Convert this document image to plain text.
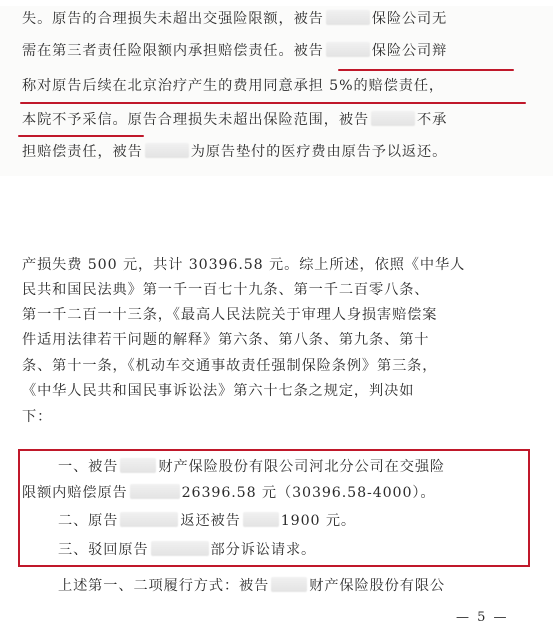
失。原告的合理损失未超出交强险限额，被告	保险公司无
需在第三者责任险限额内承担赔偿责任。被告	保险公司辩
称对原告后续在北京治疗产生的费用同意承担 5%的赔偿责任，
本院不予采信。原告合理损失未超出保险范围，被告	不承
担赔偿责任，被告	为原告垫付的医疗费由原告予以返还。
产损失费 500 元，共计 30396.58 元。综上所述，依照《中华人
民共和国民法典》第一千一百七十九条、第一千二百零八条、
第一千二百一十三条，《最高人民法院关于审理人身损害赔偿案
件适用法律若干问题的解释》第六条、第八条、第九条、第十
条、第十一条，《机动车交通事故责任强制保险条例》第三条，
《中华人民共和国民事诉讼法》第六十七条之规定，判决如
下：
一、被告	财产保险股份有限公司河北分公司在交强险
限额内赔偿原告	26396.58 元（30396.58-4000）。
二、原告	返还被告	1900 元。
三、驳回原告	部分诉讼请求。
上述第一、二项履行方式：被告	财产保险股份有限公
— 5 —
